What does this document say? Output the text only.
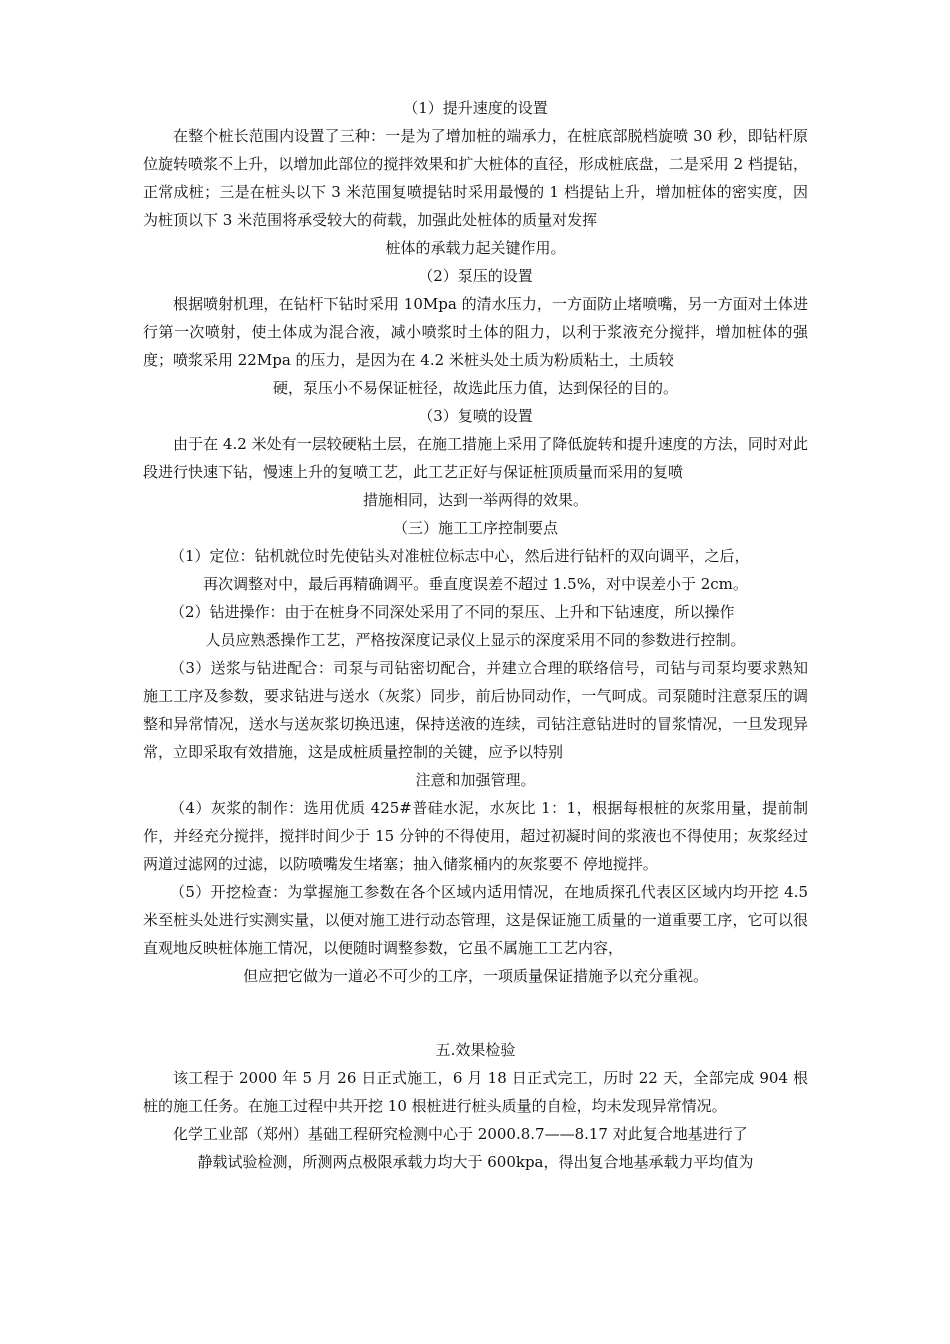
（1）提升速度的设置

在整个桩长范围内设置了三种：一是为了增加桩的端承力，在桩底部脱档旋喷 30 秒，即钻杆原位旋转喷浆不上升，以增加此部位的搅拌效果和扩大桩体的直径，形成桩底盘，二是采用 2 档提钻，正常成桩；三是在桩头以下 3 米范围复喷提钻时采用最慢的 1 档提钻上升，增加桩体的密实度，因为桩顶以下 3 米范围将承受较大的荷载，加强此处桩体的质量对发挥

桩体的承载力起关键作用。

（2）泵压的设置

根据喷射机理，在钻杆下钻时采用 10Mpa 的清水压力，一方面防止堵喷嘴，另一方面对土体进行第一次喷射，使土体成为混合液，减小喷浆时土体的阻力，以利于浆液充分搅拌，增加桩体的强度；喷浆采用 22Mpa 的压力，是因为在 4.2 米桩头处土质为粉质粘土，土质较

硬，泵压小不易保证桩径，故选此压力值，达到保径的目的。

（3）复喷的设置

由于在 4.2 米处有一层较硬粘土层，在施工措施上采用了降低旋转和提升速度的方法，同时对此段进行快速下钻，慢速上升的复喷工艺，此工艺正好与保证桩顶质量而采用的复喷

措施相同，达到一举两得的效果。

（三）施工工序控制要点

（1）定位：钻机就位时先使钻头对准桩位标志中心，然后进行钻杆的双向调平，之后，

再次调整对中，最后再精确调平。垂直度误差不超过 1.5%，对中误差小于 2cm。

（2）钻进操作：由于在桩身不同深处采用了不同的泵压、上升和下钻速度，所以操作

人员应熟悉操作工艺，严格按深度记录仪上显示的深度采用不同的参数进行控制。

（3）送浆与钻进配合：司泵与司钻密切配合，并建立合理的联络信号，司钻与司泵均要求熟知施工工序及参数，要求钻进与送水（灰浆）同步，前后协同动作，一气呵成。司泵随时注意泵压的调整和异常情况，送水与送灰浆切换迅速，保持送液的连续，司钻注意钻进时的冒浆情况，一旦发现异常，立即采取有效措施，这是成桩质量控制的关键，应予以特别

注意和加强管理。

（4）灰浆的制作：选用优质 425#普硅水泥，水灰比 1：1，根据每根桩的灰浆用量，提前制作，并经充分搅拌，搅拌时间少于 15 分钟的不得使用，超过初凝时间的浆液也不得使用；灰浆经过两道过滤网的过滤，以防喷嘴发生堵塞；抽入储浆桶内的灰浆要不 停地搅拌。

（5）开挖检查：为掌握施工参数在各个区域内适用情况，在地质探孔代表区区域内均开挖 4.5 米至桩头处进行实测实量，以便对施工进行动态管理，这是保证施工质量的一道重要工序，它可以很直观地反映桩体施工情况，以便随时调整参数，它虽不属施工工艺内容，

但应把它做为一道必不可少的工序，一项质量保证措施予以充分重视。

五.效果检验

该工程于 2000 年 5 月 26 日正式施工，6 月 18 日正式完工，历时 22 天，全部完成 904 根桩的施工任务。在施工过程中共开挖 10 根桩进行桩头质量的自检，均未发现异常情况。

化学工业部（郑州）基础工程研究检测中心于 2000.8.7——8.17 对此复合地基进行了

静载试验检测，所测两点极限承载力均大于 600kpa，得出复合地基承载力平均值为
